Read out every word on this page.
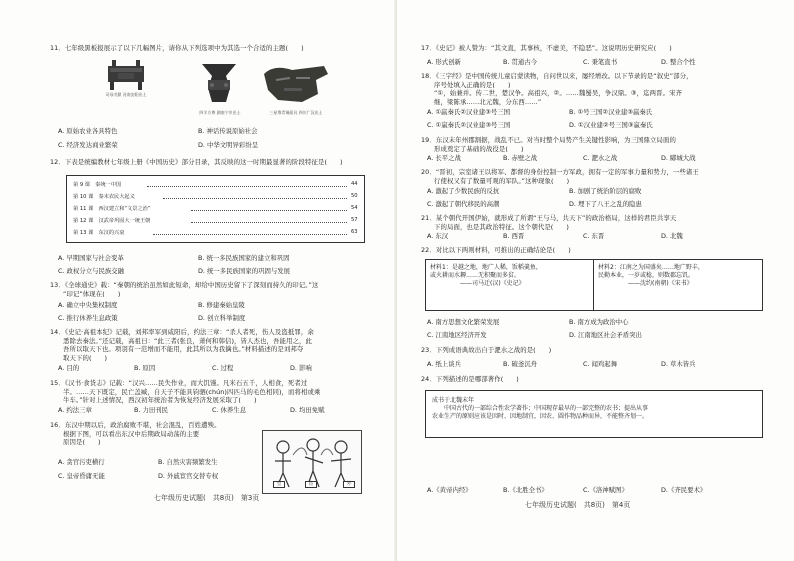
11．七年级黑板报展示了以下几幅图片，请你从下列选项中为其选一个合适的主题(　　)
司母戊鼎 河南安阳出土
四羊方尊 湖南宁乡出土	三星堆青铜面具 四川广汉出土
A. 原始农业各具特色	B. 神话传说原始社会
C. 经济发达商业繁荣	D. 中华文明异彩纷呈
12．下表是统编教材七年级上册《中国历史》部分目录，其反映的这一时期最显著的阶段特征是(　　)
第 9 课　秦统一中国	44
第 10 课　秦末农民大起义	50
第 11 课　西汉建立和“文景之治”	54
第 12 课　汉武帝巩固大一统王朝	57
第 13 课　东汉的兴衰	63
A. 早期国家与社会变革	B. 统一多民族国家的建立和巩固
C. 政权分立与民族交融	D. 统一多民族国家的巩固与发展
13．《全球通史》载：“秦朝的统治虽然如此短命，却给中国历史留下了深刻而持久的印记。”这
　　“印记”体现在(　　)
A. 确立中央集权制度	B. 修建秦始皇陵
C. 推行休养生息政策	D. 创立科举制度
14．《史记·高祖本纪》记载，刘邦率军到咸阳后，约法三章：“杀人者死，伤人及盗抵罪，余
　　悉除去秦法。”还记载，高祖曰：“此三者(张良，萧何和韩信)，皆人杰也，吾能用之，此
　　吾所以取天下也。项羽有一范增而不能用，此其所以为我擒也。”材料描述的是刘邦夺
　　取天下的(　　)
A. 目的	B. 原因	C. 过程	D. 影响
15．《汉书·食货志》记载：“汉兴……民失作业，而大饥馑。凡米石五千，人相食，死者过
　　半。……天下既定，民亡盖臧，自天子不能具钧驷(chún)四匹马的毛色相同)，而将相或乘
　　牛车。”针对上述情况，西汉初年统治者为恢复经济发展采取了(　　)
A. 约法三章	B. 力田刊民	C. 休养生息	D. 均田免赋
16．东汉中期以后，政治腐败不堪，社会混乱，百姓遭殃。
　　根据下图，可以看出东汉中后期政局动荡的主要
　　原因是(　　)
皇	宦	外
A. 贪官污吏横行	B. 自然灾害频繁发生
C. 皇帝昏庸无能	D. 外戚宦官交替专权
七年级历史试题(　共8页)　第3页
17．《史记》被人赞为：“其文直，其事核，不虚美，不隐恶”。这说明历史研究应(　　)
A. 形式创新	B. 贯通古今	C. 秉笔直书	D. 整合个性
18．《三字经》是中国传统儿童启蒙读物，自问世以来，屡经增改。以下节录的是“叙史”部分，
　　序号处填入正确的是(　　)
　　“①，始兼并。传二世，楚汉争。高祖兴，②。……魏蜀吴，争汉鼎。③，迄两晋。宋齐
　　继，梁陈承……北元魏，分东西……”
A. ①嬴秦氏②汉业建③号三国	B. ①号三国②汉业建③嬴秦氏
C. ①嬴秦氏②汉业建③号三国	D. ①汉业建②号三国③嬴秦氏
19．东汉末年州郡割据，战乱不已。对当时整个局势产生关键性影响，为三国鼎立局面的
　　形成奠定了基础的战役是(　　)
A. 长平之战	B. 赤壁之战	C. 淝水之战	D. 郾城大战
20．“晋初，宗室诸王以将军、都督的身份控制一方军政，拥有一定的军事力量和势力，一些诸王
　　行使权又有了数量可观的军队。”这种现象(　　)
A. 激起了少数民族的反抗	B. 加剧了统治阶层的腐败
C. 激起了朝代移民的高潮	D. 埋下了八王之乱的隐患
21．某个朝代开国伊始，就形成了所谓“王与马，共天下”的政治格局，这样的君臣共享天
　　下的局面，也是其政治特征。这个朝代是(　　)
A. 东汉	B. 西晋	C. 东晋	D. 北魏
22．对比以下两则材料，可推出的正确结论是(　　)
材料1：是越之地，地广人稀，饭稻羹鱼，
或火耕而水耨……无积聚而多贫。
　　　　　——司马迁(汉)《史记》
材料2：江南之为国盛矣……地广野丰，
民勤本业，一岁或稔，则数郡忘饥。
　　　　　——沈约(南朝)《宋书》
A. 南方思想文化繁荣发展	B. 南方成为政治中心
C. 江南地区经济开发	D. 江南地区社会矛盾突出
23．下列成语典故出自于淝水之战的是(　　)
A. 纸上谈兵	B. 破釜沉舟	C. 闻鸡起舞	D. 草木皆兵
24．下列描述的是哪部著作(　　)
成书于北魏末年
　　中国古代的一部综合性农学著作；中国现存最早的一部完整的农书；提出从事
农业生产的原则应该是因时、因地制宜，因农、圆作物品种而异，不能整齐划一。
A.《黄帝内经》	B.《北胜全书》	C.《洛神赋图》	D.《齐民要术》
七年级历史试题(　共8页)　第4页
